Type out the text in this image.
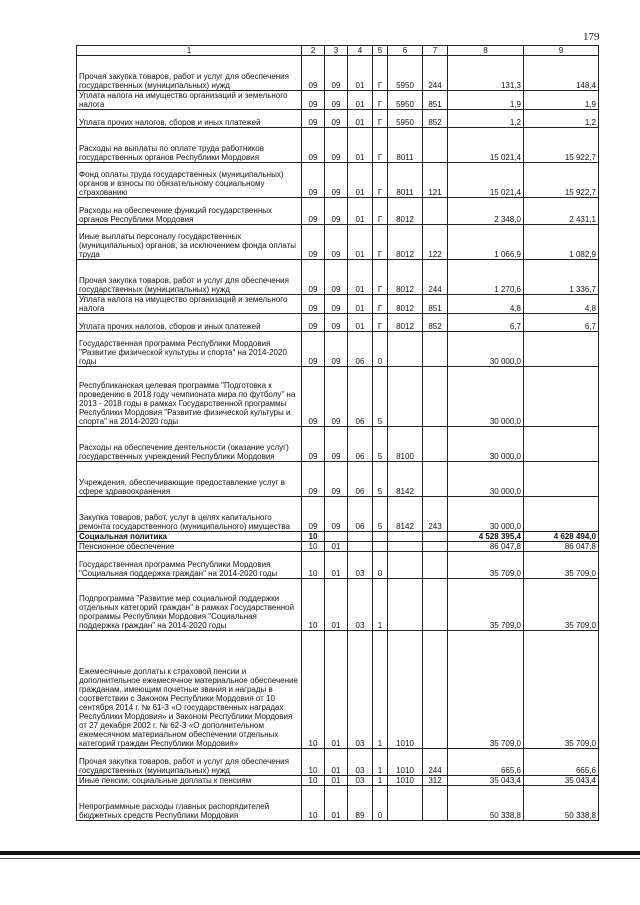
179
1	2	3	4	5	6	7	8	9
Прочая закупка товаров, работ и услуг для обеспечения государственных (муниципальных) нужд	09	09	01	Г	5950	244	131,3	148,4
Уплата налога на имущество организаций и земельного налога	09	09	01	Г	5950	851	1,9	1,9
Уплата прочих налогов, сборов и иных платежей	09	09	01	Г	5950	852	1,2	1,2
Расходы на выплаты по оплате труда работников государственных органов Республики Мордовия	09	09	01	Г	8011		15 021,4	15 922,7
Фонд оплаты труда государственных (муниципальных) органов и взносы по обязательному социальному страхованию	09	09	01	Г	8011	121	15 021,4	15 922,7
Расходы на обеспечение функций государственных органов Республики Мордовия	09	09	01	Г	8012		2 348,0	2 431,1
Иные выплаты персоналу государственных (муниципальных) органов, за исключением фонда оплаты труда	09	09	01	Г	8012	122	1 066,9	1 082,9
Прочая закупка товаров, работ и услуг для обеспечения государственных (муниципальных) нужд	09	09	01	Г	8012	244	1 270,6	1 336,7
Уплата налога на имущество организаций и земельного налога	09	09	01	Г	8012	851	4,8	4,8
Уплата прочих налогов, сборов и иных платежей	09	09	01	Г	8012	852	6,7	6,7
Государственная программа Республики Мордовия "Развитие физической культуры и спорта" на 2014-2020 годы	09	09	06	0			30 000,0	
Республиканская целевая программа "Подготовка к проведению в 2018 году чемпионата мира по футболу" на 2013 - 2018 годы в рамках Государственной программы Республики Мордовия "Развитие физической культуры и спорта" на 2014-2020 годы	09	09	06	5			30 000,0	
Расходы на обеспечение деятельности (оказание услуг) государственных учреждений Республики Мордовия	09	09	06	5	8100		30 000,0	
Учреждения, обеспечивающие предоставление услуг в сфере здравоохранения	09	09	06	5	8142		30 000,0	
Закупка товаров, работ, услуг в целях капитального ремонта государственного (муниципального) имущества	09	09	06	5	8142	243	30 000,0	
Социальная политика	10						4 528 395,4	4 628 494,0
Пенсионное обеспечение	10	01					86 047,8	86 047,8
Государственная программа Республики Мордовия "Социальная поддержка граждан" на 2014-2020 годы	10	01	03	0			35 709,0	35 709,0
Подпрограмма "Развитие мер социальной поддержки отдельных категорий граждан" в рамках Государственной программы Республики Мордовия "Социальная поддержка граждан" на 2014-2020 годы	10	01	03	1			35 709,0	35 709,0
Ежемесячные доплаты к страховой пенсии и дополнительное ежемесячное материальное обеспечение гражданам, имеющим почетные звания и награды в соответствии с Законом Республики Мордовия от 10 сентября 2014 г. № 61-З «О государственных наградах Республики Мордовия» и Законом Республики Мордовия от 27 декабря 2002 г. № 62-З «О дополнительном ежемесячном материальном обеспечении отдельных категорий граждан Республики Мордовия»	10	01	03	1	1010		35 709,0	35 709,0
Прочая закупка товаров, работ и услуг для обеспечения государственных (муниципальных) нужд	10	01	03	1	1010	244	665,6	665,6
Иные пенсии, социальные доплаты к пенсиям	10	01	03	1	1010	312	35 043,4	35 043,4
Непрограммные расходы главных распорядителей бюджетных средств Республики Мордовия	10	01	89	0			50 338,8	50 338,8
